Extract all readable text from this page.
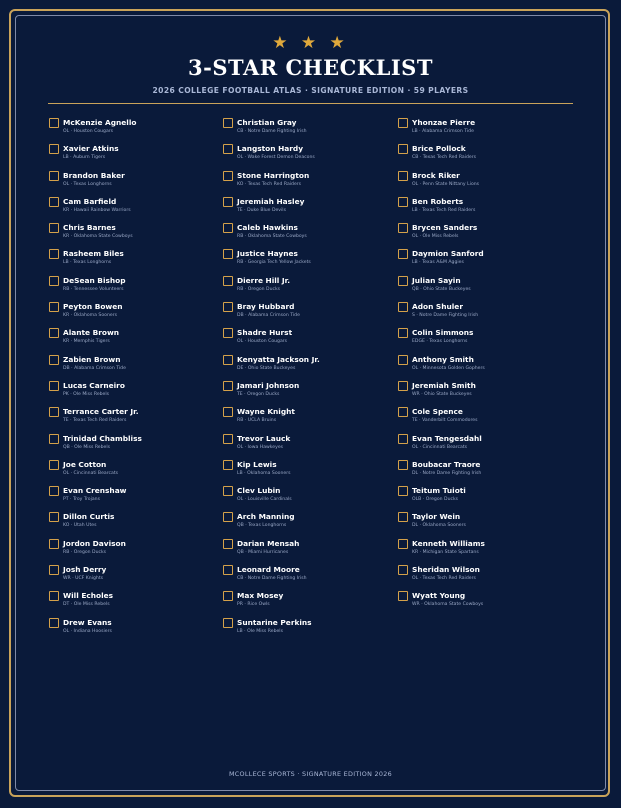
★ ★ ★
3-STAR CHECKLIST
2026 COLLEGE FOOTBALL ATLAS · SIGNATURE EDITION · 59 PLAYERS
McKenzie Agnello
OL · Houston Cougars
Xavier Atkins
LB · Auburn Tigers
Brandon Baker
OL · Texas Longhorns
Cam Barfield
KR · Hawaii Rainbow Warriors
Chris Barnes
KR · Oklahoma State Cowboys
Rasheem Biles
LB · Texas Longhorns
DeSean Bishop
RB · Tennessee Volunteers
Peyton Bowen
KR · Oklahoma Sooners
Alante Brown
KR · Memphis Tigers
Zabien Brown
DB · Alabama Crimson Tide
Lucas Carneiro
PK · Ole Miss Rebels
Terrance Carter Jr.
TE · Texas Tech Red Raiders
Trinidad Chambliss
QB · Ole Miss Rebels
Joe Cotton
OL · Cincinnati Bearcats
Evan Crenshaw
PT · Troy Trojans
Dillon Curtis
KO · Utah Utes
Jordon Davison
RB · Oregon Ducks
Josh Derry
WR · UCF Knights
Will Echoles
DT · Ole Miss Rebels
Drew Evans
OL · Indiana Hoosiers
Christian Gray
CB · Notre Dame Fighting Irish
Langston Hardy
OL · Wake Forest Demon Deacons
Stone Harrington
KO · Texas Tech Red Raiders
Jeremiah Hasley
TE · Duke Blue Devils
Caleb Hawkins
RB · Oklahoma State Cowboys
Justice Haynes
RB · Georgia Tech Yellow Jackets
Dierre Hill Jr.
RB · Oregon Ducks
Bray Hubbard
DB · Alabama Crimson Tide
Shadre Hurst
OL · Houston Cougars
Kenyatta Jackson Jr.
DE · Ohio State Buckeyes
Jamari Johnson
TE · Oregon Ducks
Wayne Knight
RB · UCLA Bruins
Trevor Lauck
OL · Iowa Hawkeyes
Kip Lewis
LB · Oklahoma Sooners
Clev Lubin
OL · Louisville Cardinals
Arch Manning
QB · Texas Longhorns
Darian Mensah
QB · Miami Hurricanes
Leonard Moore
CB · Notre Dame Fighting Irish
Max Mosey
PR · Rice Owls
Suntarine Perkins
LB · Ole Miss Rebels
Yhonzae Pierre
LB · Alabama Crimson Tide
Brice Pollock
CB · Texas Tech Red Raiders
Brock Riker
OL · Penn State Nittany Lions
Ben Roberts
LB · Texas Tech Red Raiders
Brycen Sanders
OL · Ole Miss Rebels
Daymion Sanford
LB · Texas A&M Aggies
Julian Sayin
QB · Ohio State Buckeyes
Adon Shuler
S · Notre Dame Fighting Irish
Colin Simmons
EDGE · Texas Longhorns
Anthony Smith
OL · Minnesota Golden Gophers
Jeremiah Smith
WR · Ohio State Buckeyes
Cole Spence
TE · Vanderbilt Commodores
Evan Tengesdahl
OL · Cincinnati Bearcats
Boubacar Traore
DL · Notre Dame Fighting Irish
Teitum Tuioti
OLB · Oregon Ducks
Taylor Wein
DL · Oklahoma Sooners
Kenneth Williams
KR · Michigan State Spartans
Sheridan Wilson
OL · Texas Tech Red Raiders
Wyatt Young
WR · Oklahoma State Cowboys
MCOLLECE SPORTS · SIGNATURE EDITION 2026
